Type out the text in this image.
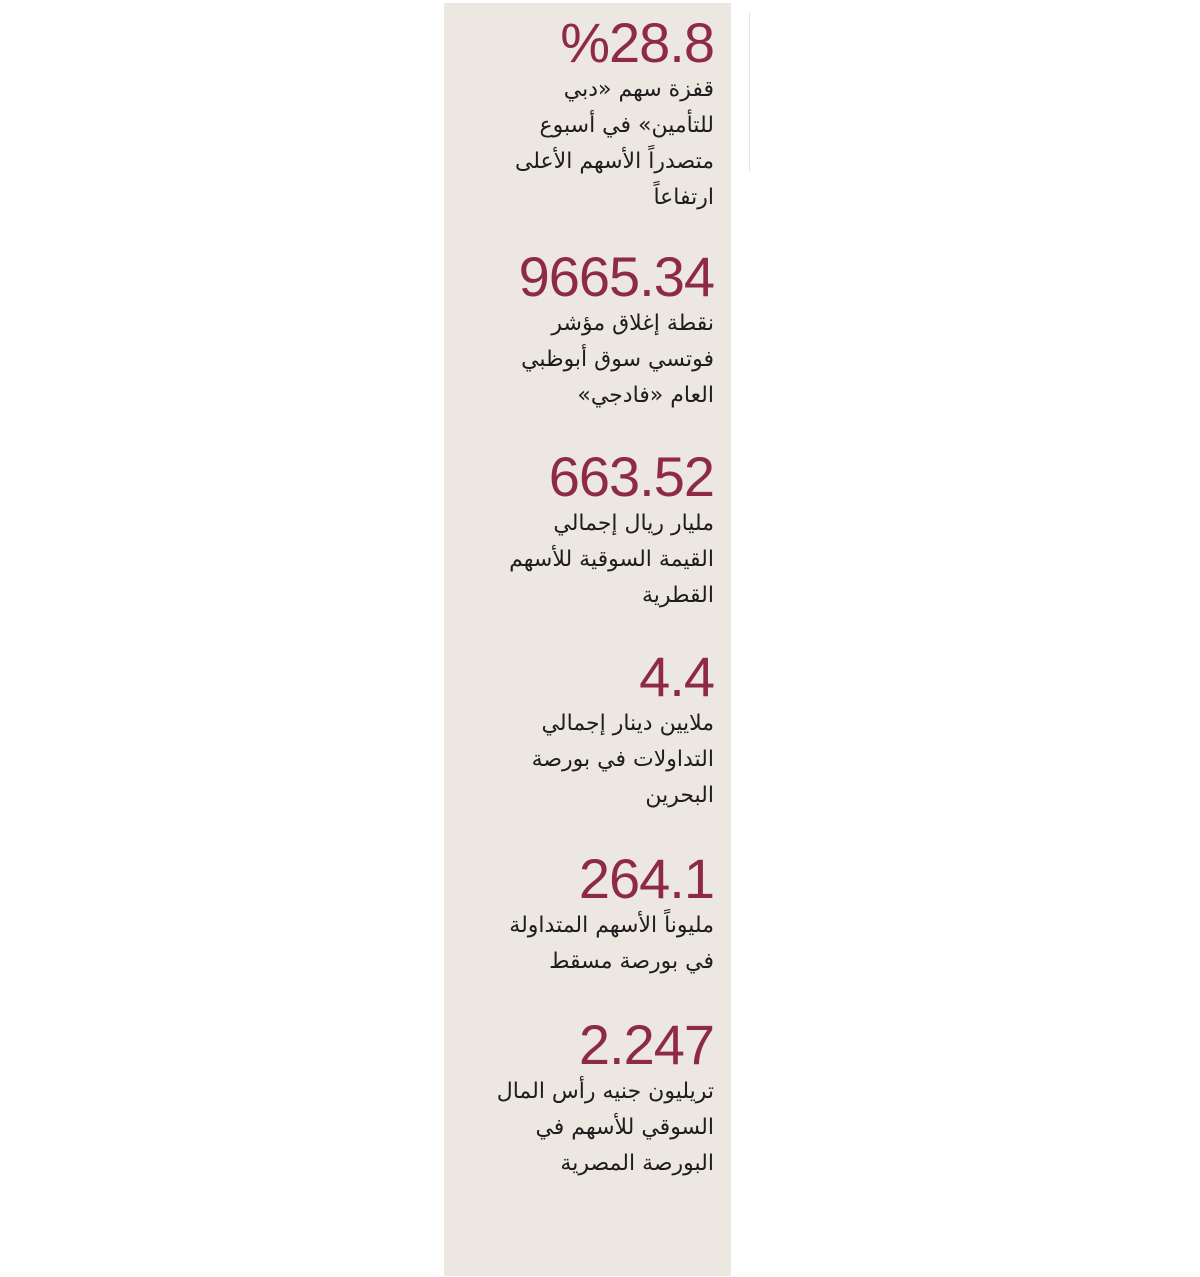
%28.8
قفزة سهم «دبي
للتأمين» في أسبوع
متصدراً الأسهم الأعلى
ارتفاعاً
9665.34
نقطة إغلاق مؤشر
فوتسي سوق أبوظبي
العام «فادجي»
663.52
مليار ريال إجمالي
القيمة السوقية للأسهم
القطرية
4.4
ملايين دينار إجمالي
التداولات في بورصة
البحرين
264.1
مليوناً الأسهم المتداولة
في بورصة مسقط
2.247
تريليون جنيه رأس المال
السوقي للأسهم في
البورصة المصرية
